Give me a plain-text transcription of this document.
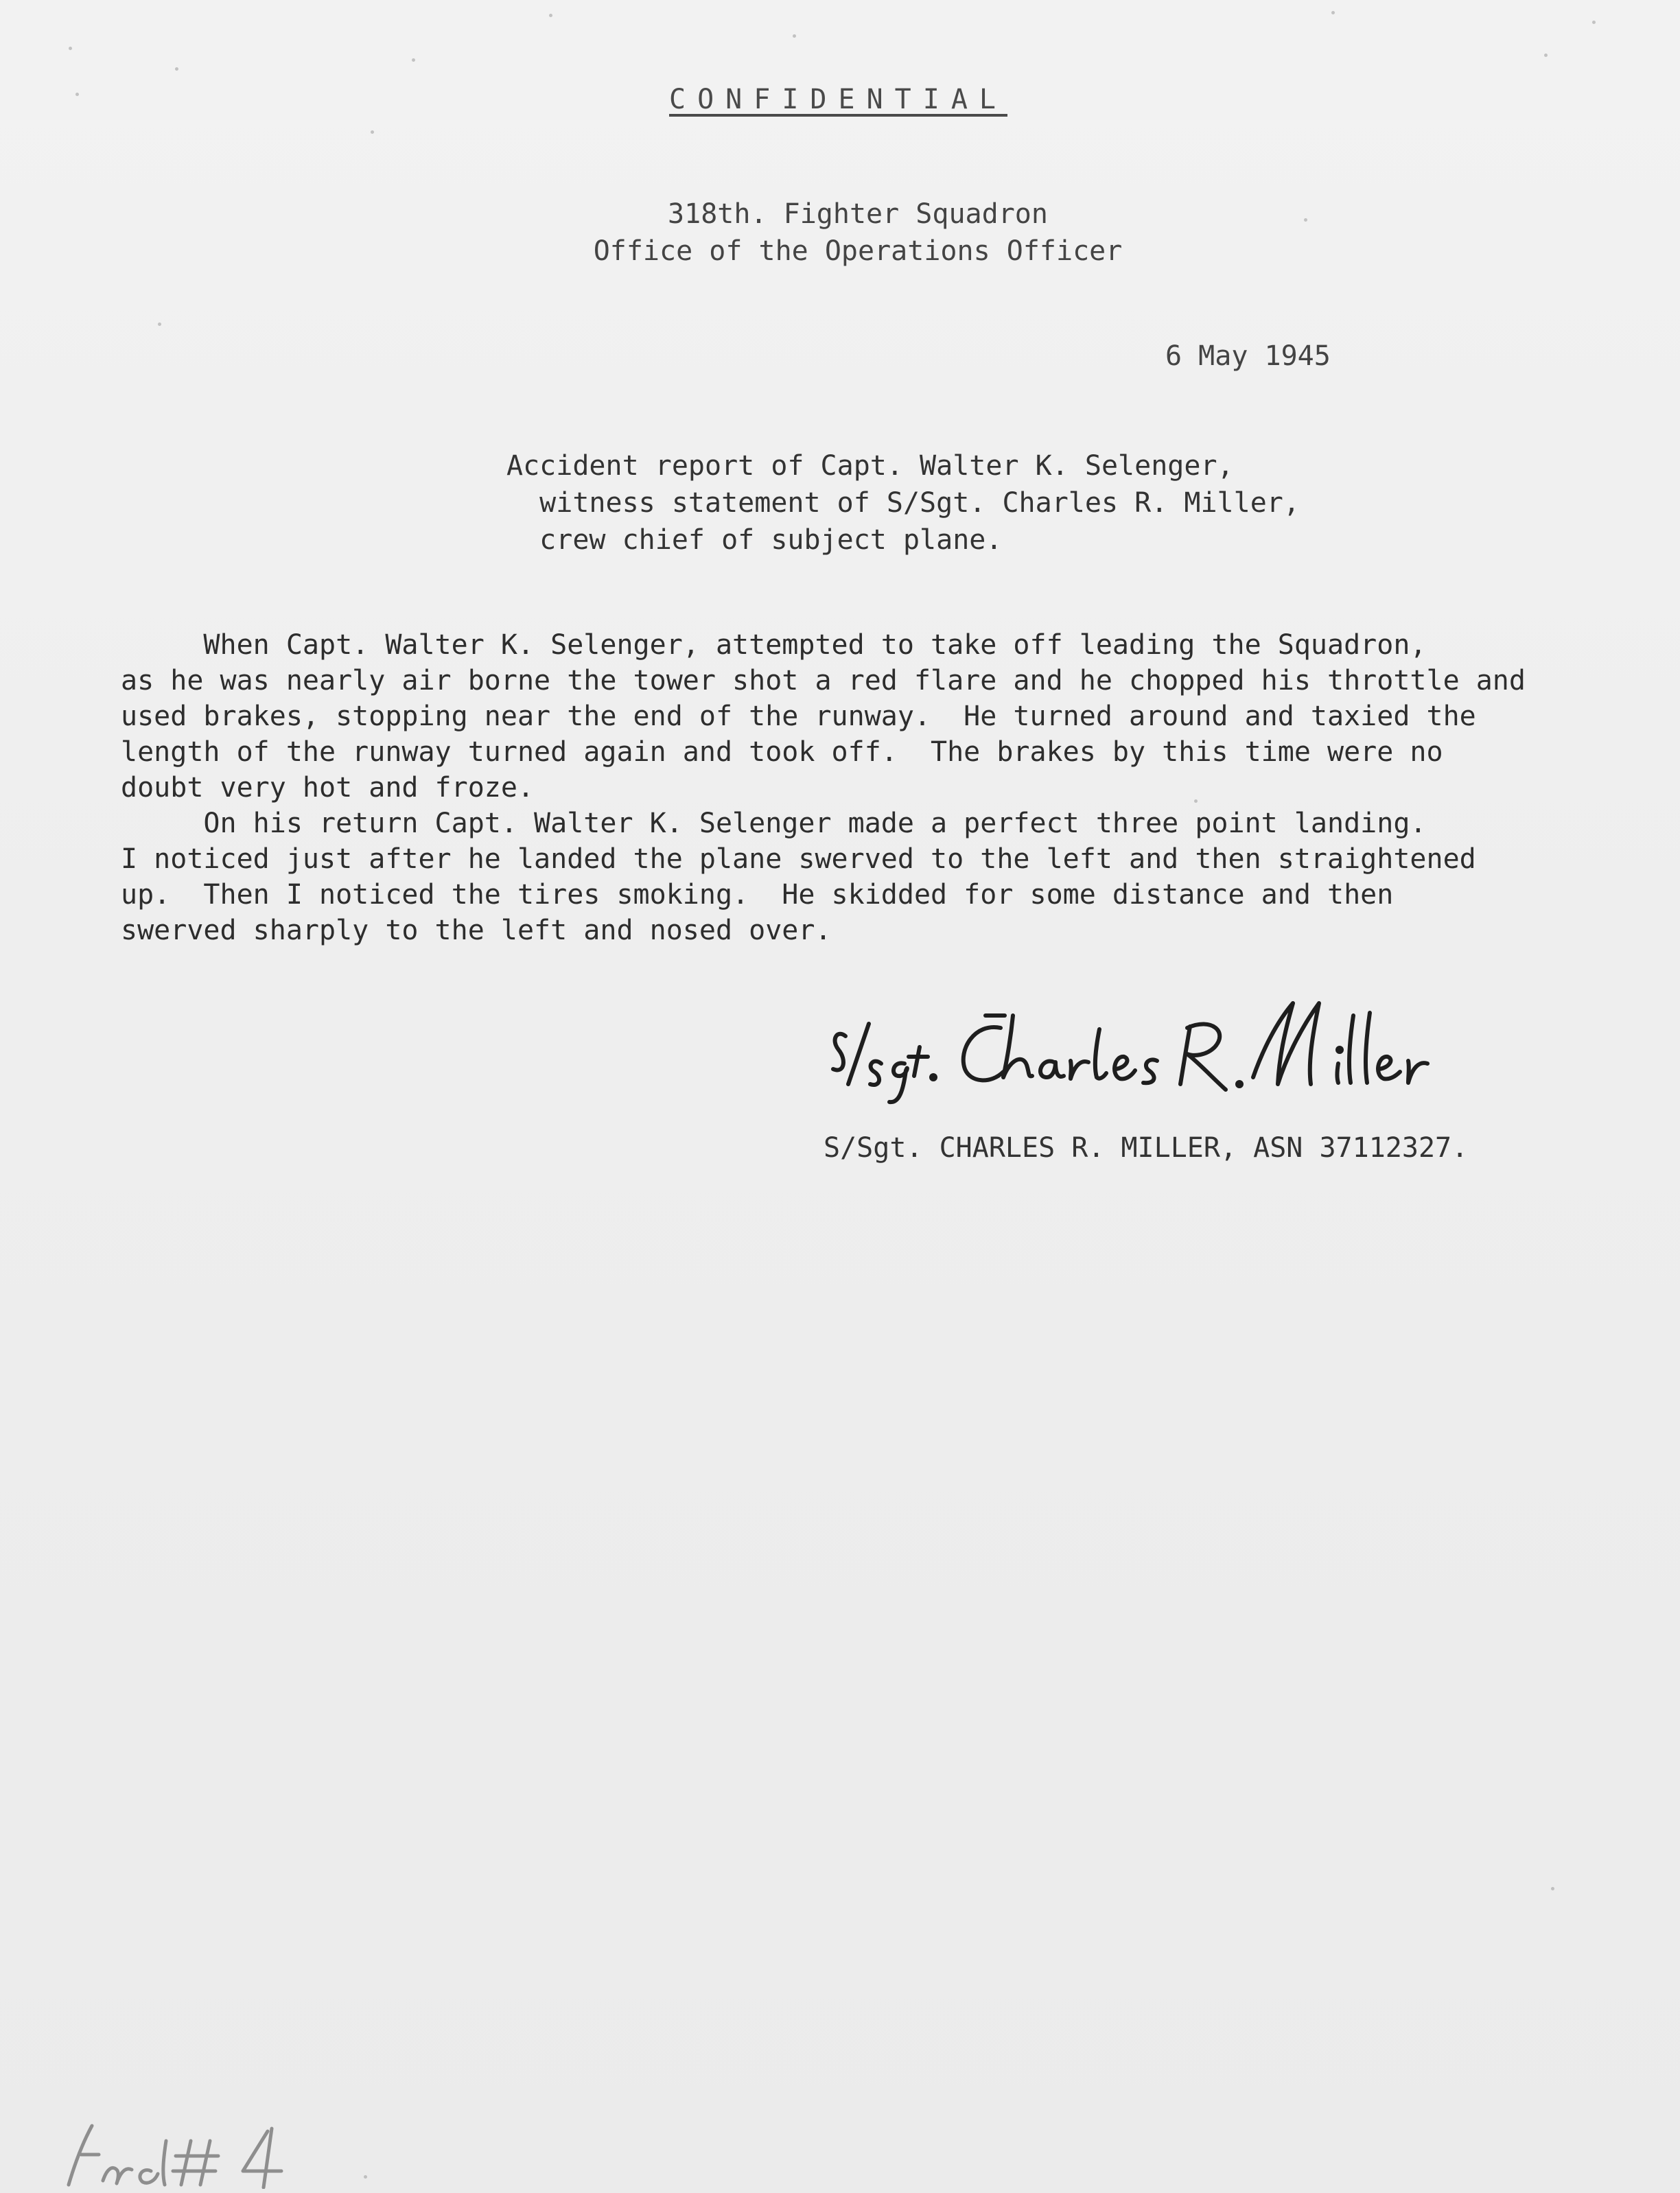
CONFIDENTIAL
318th. Fighter Squadron
Office of the Operations Officer
6 May 1945
Accident report of Capt. Walter K. Selenger,
witness statement of S/Sgt. Charles R. Miller,
crew chief of subject plane.
When Capt. Walter K. Selenger, attempted to take off leading the Squadron,
as he was nearly air borne the tower shot a red flare and he chopped his throttle and
used brakes, stopping near the end of the runway.  He turned around and taxied the
length of the runway turned again and took off.  The brakes by this time were no
doubt very hot and froze.
On his return Capt. Walter K. Selenger made a perfect three point landing.
I noticed just after he landed the plane swerved to the left and then straightened
up.  Then I noticed the tires smoking.  He skidded for some distance and then
swerved sharply to the left and nosed over.
S/Sgt. CHARLES R. MILLER, ASN 37112327.
